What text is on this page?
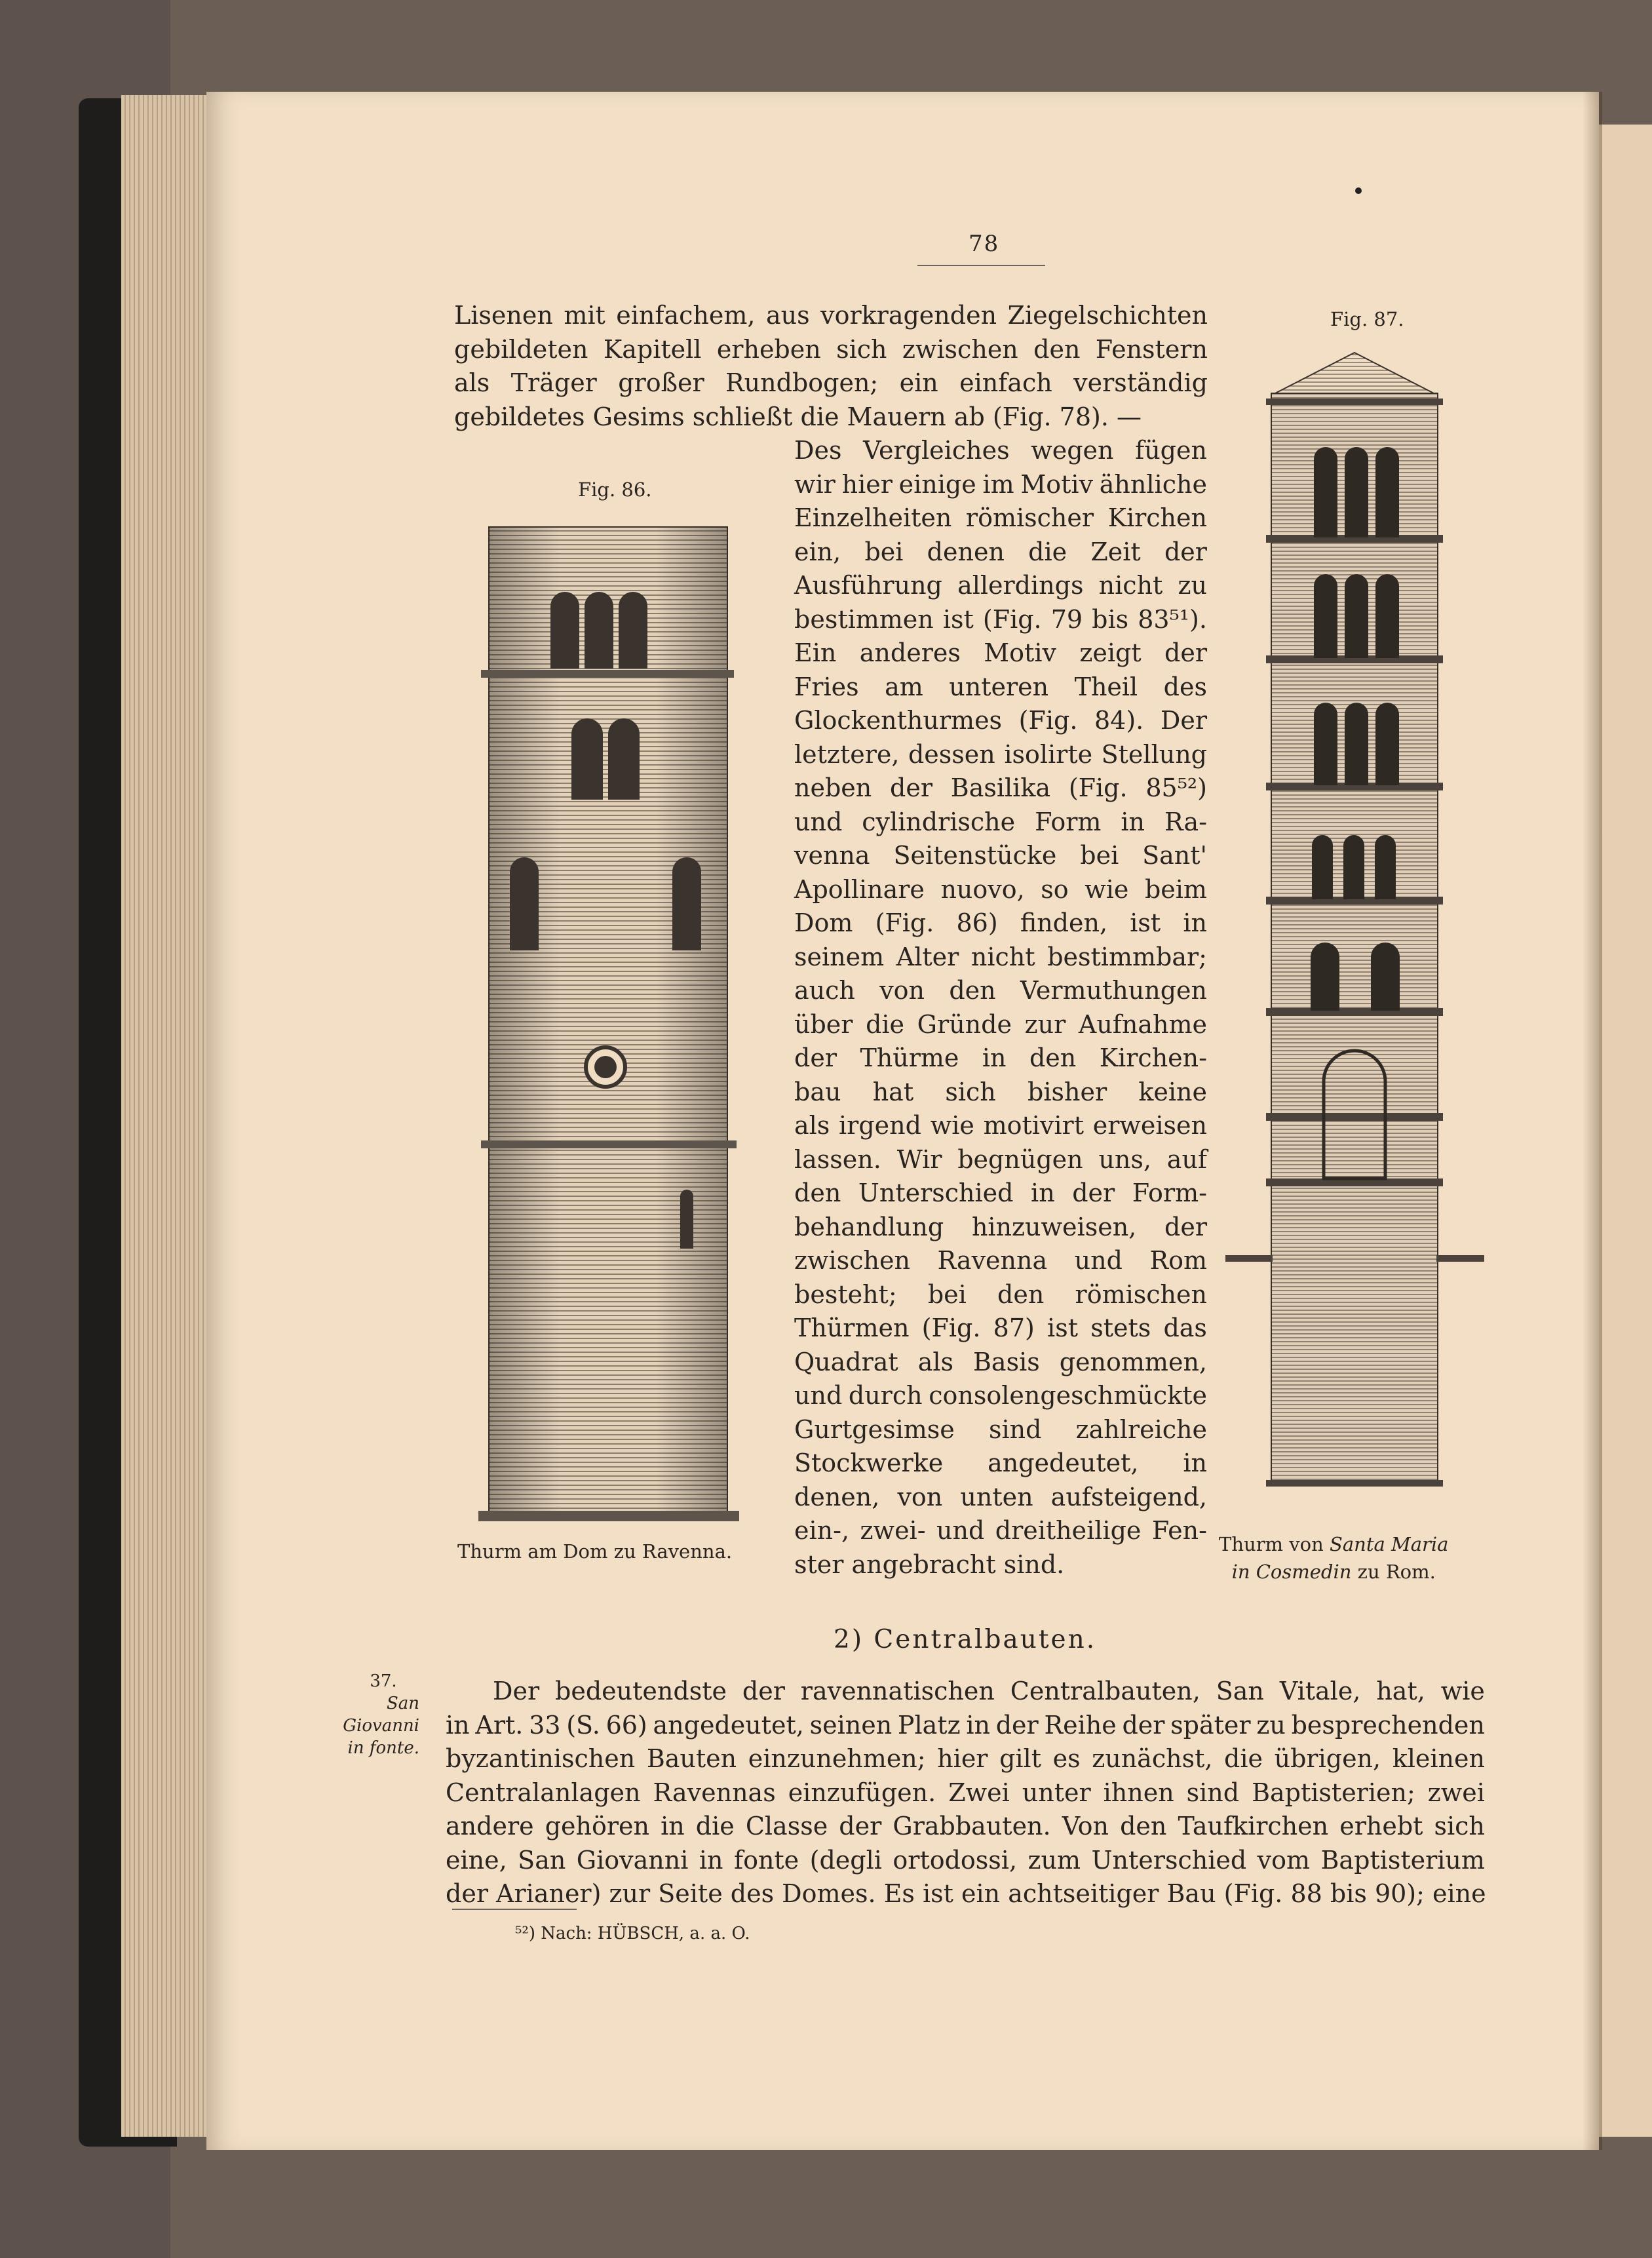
78
Lisenen mit einfachem, aus vorkragenden Ziegelschichten
gebildeten Kapitell erheben sich zwischen den Fenstern
als Träger großer Rundbogen; ein einfach verständig
gebildetes Gesims schließt die Mauern ab (Fig. 78). —
Des Vergleiches wegen fügen
wir hier einige im Motiv ähnliche
Einzelheiten römischer Kirchen
ein, bei denen die Zeit der
Ausführung allerdings nicht zu
bestimmen ist (Fig. 79 bis 83⁵¹).
Ein anderes Motiv zeigt der
Fries am unteren Theil des
Glockenthurmes (Fig. 84). Der
letztere, dessen isolirte Stellung
neben der Basilika (Fig. 85⁵²)
und cylindrische Form in Ra-
venna Seitenstücke bei Sant'
Apollinare nuovo, so wie beim
Dom (Fig. 86) finden, ist in
seinem Alter nicht bestimmbar;
auch von den Vermuthungen
über die Gründe zur Aufnahme
der Thürme in den Kirchen-
bau hat sich bisher keine
als irgend wie motivirt erweisen
lassen. Wir begnügen uns, auf
den Unterschied in der Form-
behandlung hinzuweisen, der
zwischen Ravenna und Rom
besteht; bei den römischen
Thürmen (Fig. 87) ist stets das
Quadrat als Basis genommen,
und durch consolengeschmückte
Gurtgesimse sind zahlreiche
Stockwerke angedeutet, in
denen, von unten aufsteigend,
ein-, zwei- und dreitheilige Fen-
ster angebracht sind.
Fig. 86.
Thurm am Dom zu Ravenna.
Fig. 87.
Thurm von Santa Maria
in Cosmedin zu Rom.
2) Centralbauten.
37.
San Giovanni
in fonte.
Der bedeutendste der ravennatischen Centralbauten, San Vitale, hat, wie
in Art. 33 (S. 66) angedeutet, seinen Platz in der Reihe der später zu besprechenden
byzantinischen Bauten einzunehmen; hier gilt es zunächst, die übrigen, kleinen
Centralanlagen Ravennas einzufügen. Zwei unter ihnen sind Baptisterien; zwei
andere gehören in die Classe der Grabbauten. Von den Taufkirchen erhebt sich
eine, San Giovanni in fonte (degli ortodossi, zum Unterschied vom Baptisterium
der Arianer) zur Seite des Domes. Es ist ein achtseitiger Bau (Fig. 88 bis 90); eine
⁵²) Nach: HÜBSCH, a. a. O.
